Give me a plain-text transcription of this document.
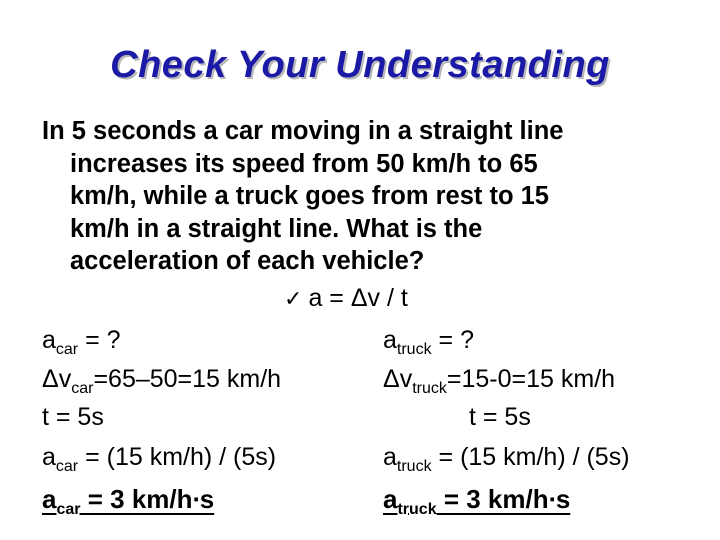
Check Your Understanding
In 5 seconds a car moving in a straight line
increases its speed from 50 km/h to 65
km/h, while a truck goes from rest to 15
km/h in a straight line. What is the
acceleration of each vehicle?
✓ a = Δv / t
$a_{car}$ = ?
$\Delta v_{car}=65-50=15$ km/h
t = 5s
$a_{car} = (15$ km/h) / (5s)
$a_{car} = 3$ km/h∙s
$a_{truck}$ = ?
$\Delta v_{truck}=15-0=15$ km/h
t = 5s
$a_{truck} = (15$ km/h) / (5s)
$a_{truck} = 3$ km/h∙s
